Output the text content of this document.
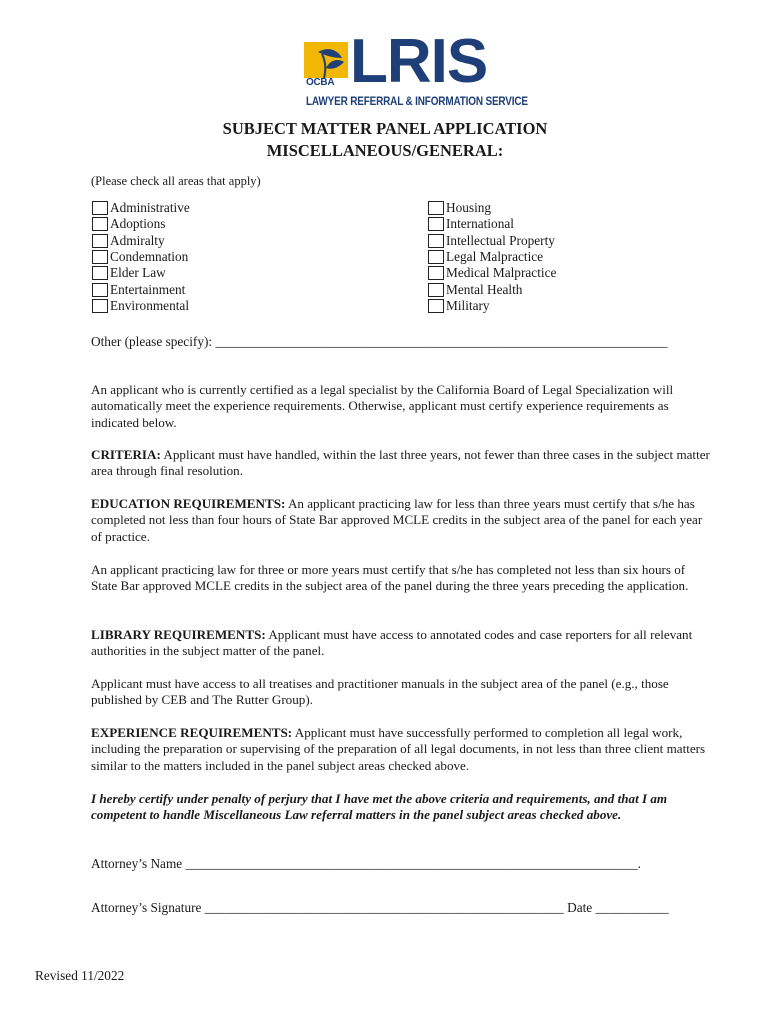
OCBA LRIS
LAWYER REFERRAL & INFORMATION SERVICE
SUBJECT MATTER PANEL APPLICATION
MISCELLANEOUS/GENERAL:
(Please check all areas that apply)
Administrative
Adoptions
Admiralty
Condemnation
Elder Law
Entertainment
Environmental
Housing
International
Intellectual Property
Legal Malpractice
Medical Malpractice
Mental Health
Military
Other (please specify): ____________________________________________________________________

An applicant who is currently certified as a legal specialist by the California Board of Legal Specialization will automatically meet the experience requirements. Otherwise, applicant must certify experience requirements as indicated below.

CRITERIA: Applicant must have handled, within the last three years, not fewer than three cases in the subject matter area through final resolution.

EDUCATION REQUIREMENTS: An applicant practicing law for less than three years must certify that s/he has completed not less than four hours of State Bar approved MCLE credits in the subject area of the panel for each year of practice.

An applicant practicing law for three or more years must certify that s/he has completed not less than six hours of State Bar approved MCLE credits in the subject area of the panel during the three years preceding the application.

LIBRARY REQUIREMENTS: Applicant must have access to annotated codes and case reporters for all relevant authorities in the subject matter of the panel.

Applicant must have access to all treatises and practitioner manuals in the subject area of the panel (e.g., those published by CEB and The Rutter Group).

EXPERIENCE REQUIREMENTS: Applicant must have successfully performed to completion all legal work, including the preparation or supervising of the preparation of all legal documents, in not less than three client matters similar to the matters included in the panel subject areas checked above.

I hereby certify under penalty of perjury that I have met the above criteria and requirements, and that I am competent to handle Miscellaneous Law referral matters in the panel subject areas checked above.

Attorney’s Name ____________________________________________________________________.
Attorney’s Signature ______________________________________________________ Date ___________
Revised 11/2022
